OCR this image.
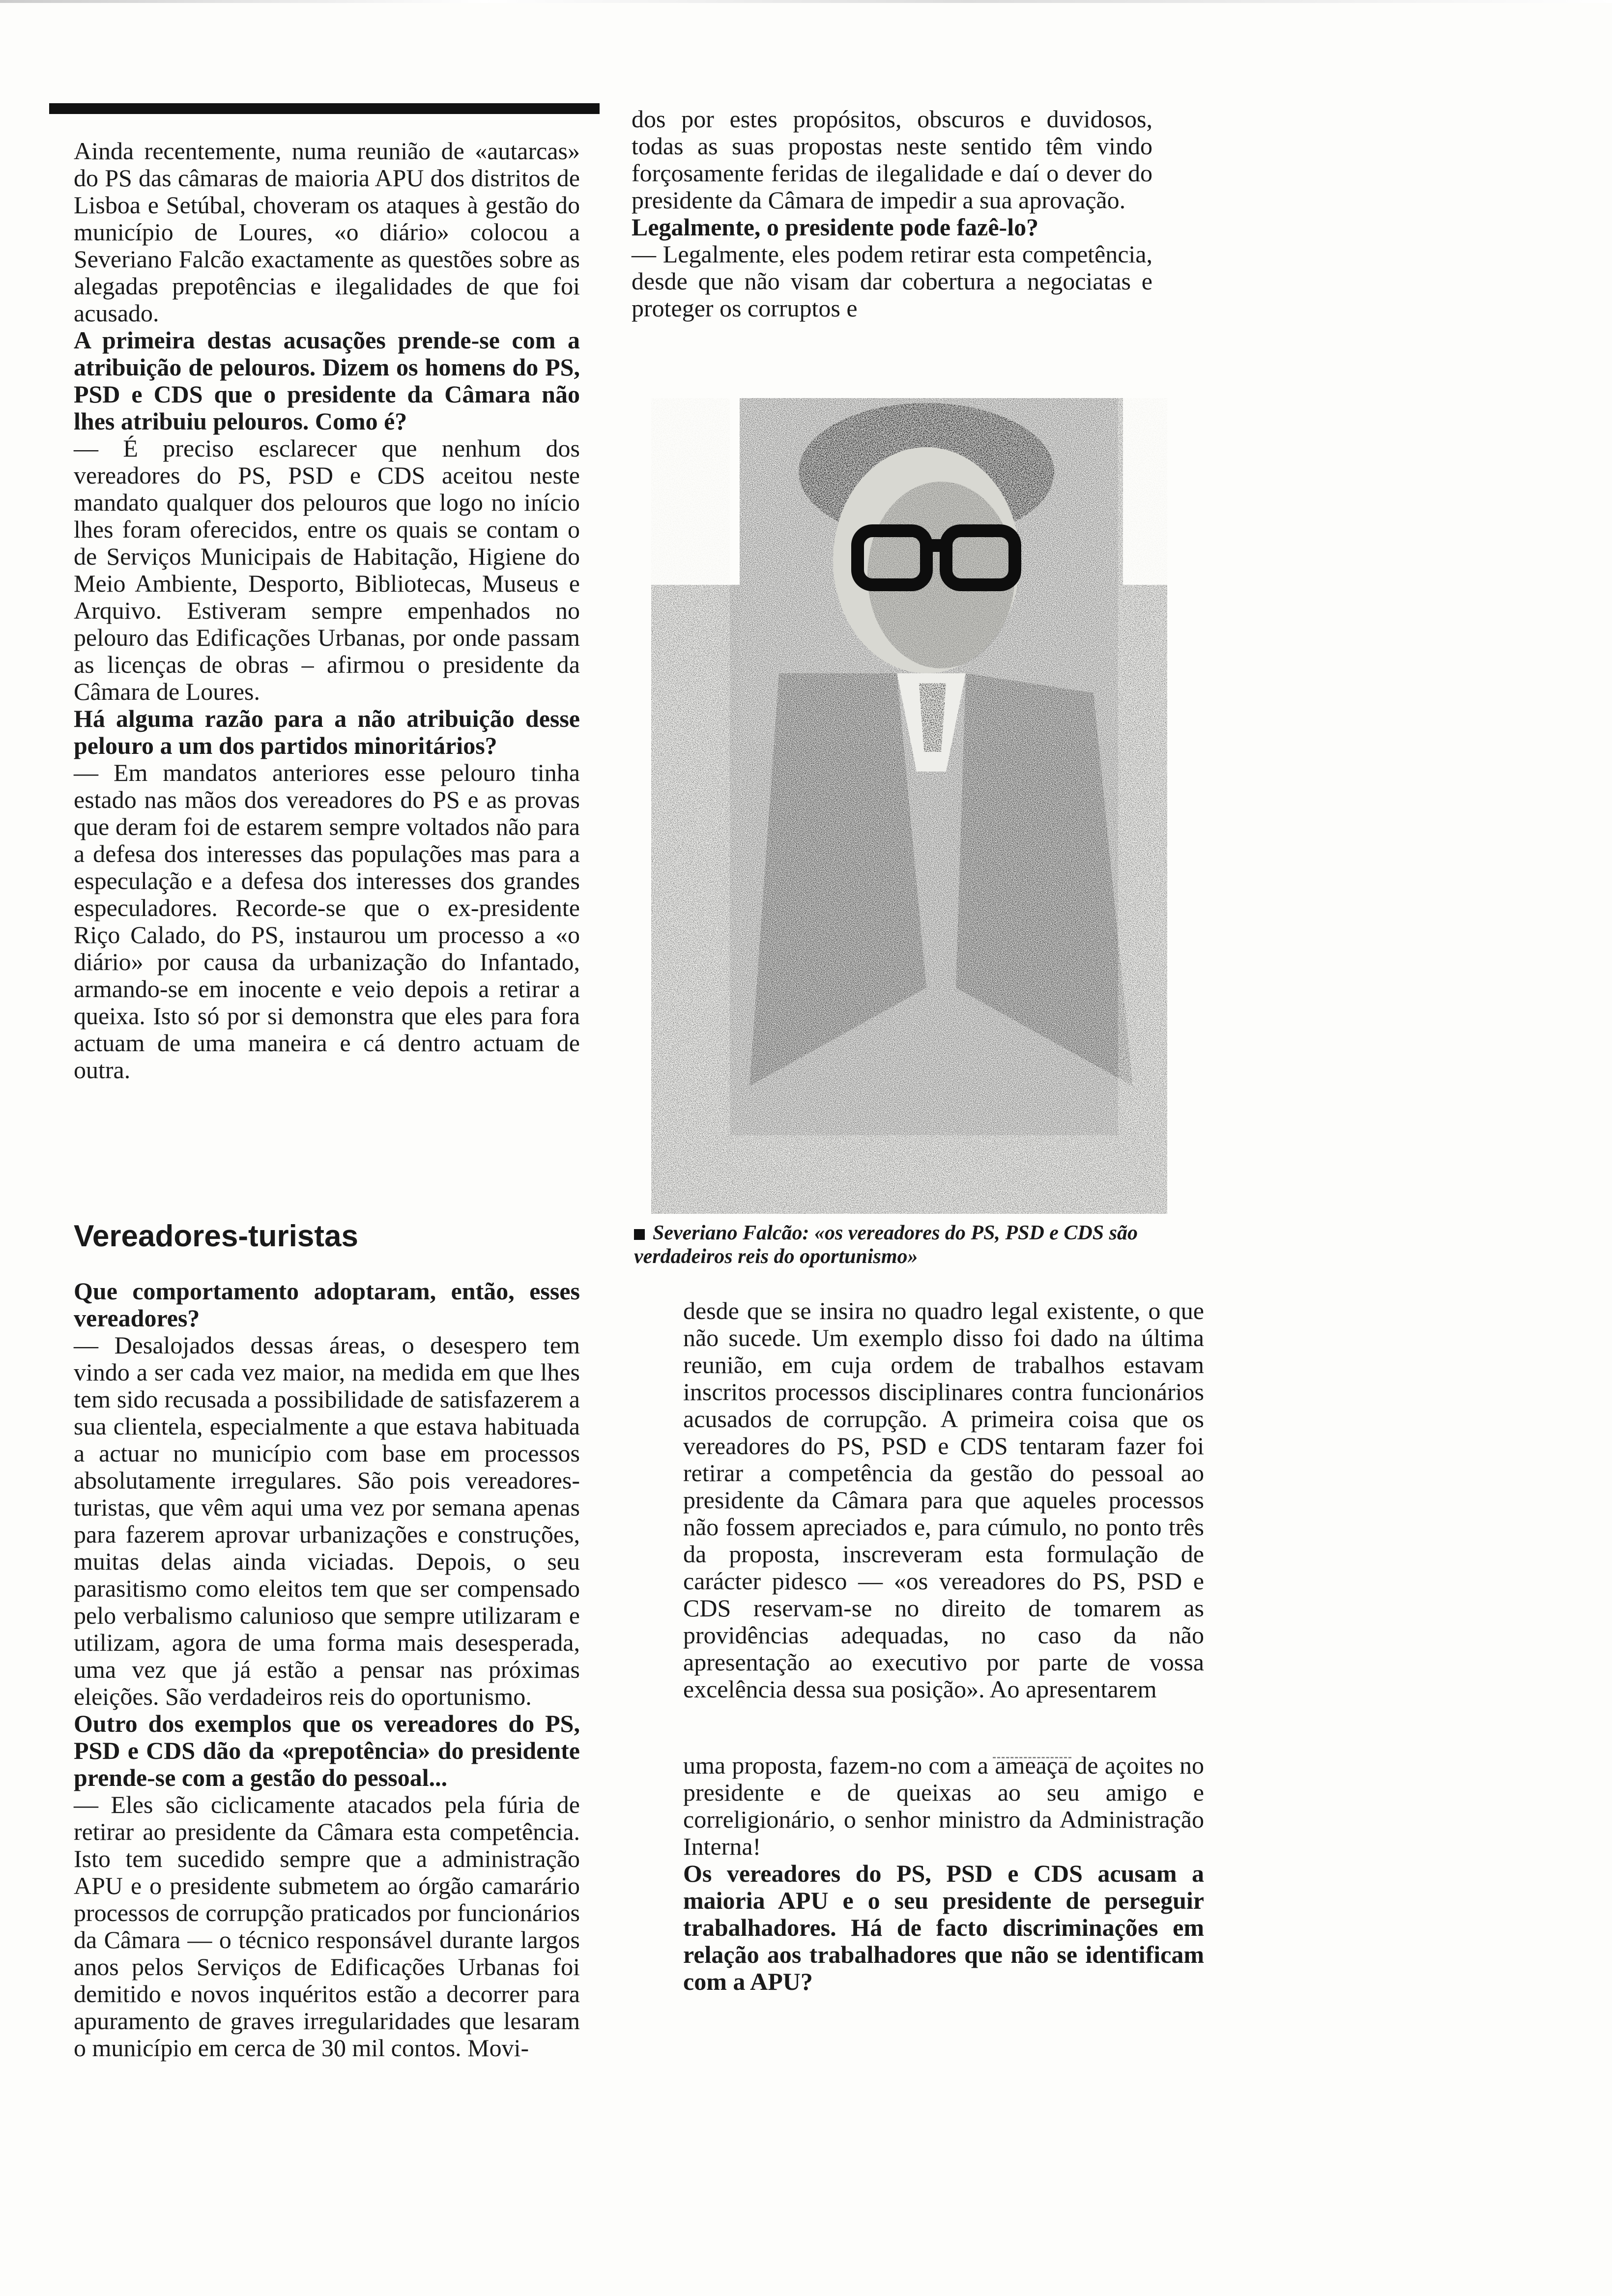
Ainda recentemente, numa reunião de «autarcas» do PS das câmaras de maioria APU dos distritos de Lisboa e Setúbal, choveram os ataques à gestão do município de Loures, «o diário» colocou a Severiano Falcão exactamente as questões sobre as alegadas prepotências e ilegalidades de que foi acusado.

A primeira destas acusações prende-se com a atribuição de pelouros. Dizem os homens do PS, PSD e CDS que o presidente da Câmara não lhes atribuiu pelouros. Como é?

— É preciso esclarecer que nenhum dos vereadores do PS, PSD e CDS aceitou neste mandato qualquer dos pelouros que logo no início lhes foram oferecidos, entre os quais se contam o de Serviços Municipais de Habitação, Higiene do Meio Ambiente, Desporto, Bibliotecas, Museus e Arquivo. Estiveram sempre empenhados no pelouro das Edificações Urbanas, por onde passam as licenças de obras – afirmou o presidente da Câmara de Loures.

Há alguma razão para a não atribuição desse pelouro a um dos partidos minoritários?

— Em mandatos anteriores esse pelouro tinha estado nas mãos dos vereadores do PS e as provas que deram foi de estarem sempre voltados não para a defesa dos interesses das populações mas para a especulação e a defesa dos interesses dos grandes especuladores. Recorde-se que o ex-presidente Riço Calado, do PS, instaurou um processo a «o diário» por causa da urbanização do Infantado, armando-se em inocente e veio depois a retirar a queixa. Isto só por si demonstra que eles para fora actuam de uma maneira e cá dentro actuam de outra.

Vereadores-turistas

Que comportamento adoptaram, então, esses vereadores?

— Desalojados dessas áreas, o desespero tem vindo a ser cada vez maior, na medida em que lhes tem sido recusada a possibilidade de satisfazerem a sua clientela, especialmente a que estava habituada a actuar no município com base em processos absolutamente irregulares. São pois vereadores-turistas, que vêm aqui uma vez por semana apenas para fazerem aprovar urbanizações e construções, muitas delas ainda viciadas. Depois, o seu parasitismo como eleitos tem que ser compensado pelo verbalismo calunioso que sempre utilizaram e utilizam, agora de uma forma mais desesperada, uma vez que já estão a pensar nas próximas eleições. São verdadeiros reis do oportunismo.

Outro dos exemplos que os vereadores do PS, PSD e CDS dão da «prepotência» do presidente prende-se com a gestão do pessoal...

— Eles são ciclicamente atacados pela fúria de retirar ao presidente da Câmara esta competência. Isto tem sucedido sempre que a administração APU e o presidente submetem ao órgão camarário processos de corrupção praticados por funcionários da Câmara — o técnico responsável durante largos anos pelos Serviços de Edificações Urbanas foi demitido e novos inquéritos estão a decorrer para apuramento de graves irregularidades que lesaram o município em cerca de 30 mil contos. Movi-

dos por estes propósitos, obscuros e duvidosos, todas as suas propostas neste sentido têm vindo forçosamente feridas de ilegalidade e daí o dever do presidente da Câmara de impedir a sua aprovação.

Legalmente, o presidente pode fazê-lo?

— Legalmente, eles podem retirar esta competência, desde que não visam dar cobertura a negociatas e proteger os corruptos e

Severiano Falcão: «os vereadores do PS, PSD e CDS são verdadeiros reis do oportunismo»

desde que se insira no quadro legal existente, o que não sucede. Um exemplo disso foi dado na última reunião, em cuja ordem de trabalhos estavam inscritos processos disciplinares contra funcionários acusados de corrupção. A primeira coisa que os vereadores do PS, PSD e CDS tentaram fazer foi retirar a competência da gestão do pessoal ao presidente da Câmara para que aqueles processos não fossem apreciados e, para cúmulo, no ponto três da proposta, inscreveram esta formulação de carácter pidesco — «os vereadores do PS, PSD e CDS reservam-se no direito de tomarem as providências adequadas, no caso da não apresentação ao executivo por parte de vossa excelência dessa sua posição». Ao apresentarem

uma proposta, fazem-no com a ameaça de açoites no presidente e de queixas ao seu amigo e correligionário, o senhor ministro da Administração Interna!

Os vereadores do PS, PSD e CDS acusam a maioria APU e o seu presidente de perseguir trabalhadores. Há de facto discriminações em relação aos trabalhadores que não se identificam com a APU?
